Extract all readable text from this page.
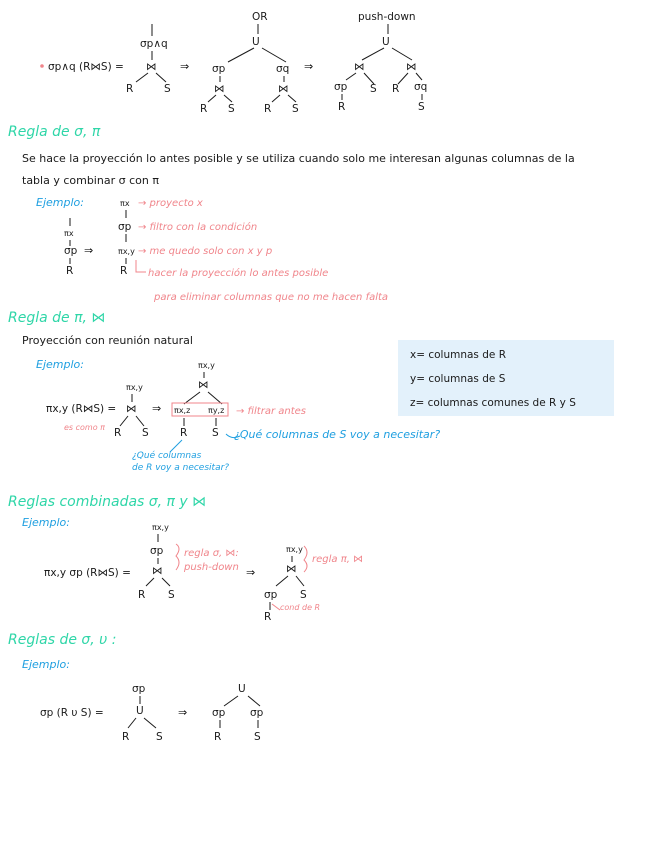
σp∧q (R⋈S) =
σp∧q
⋈
R	S
⇒
OR
U
σp	σq
⋈	⋈
R S	R S
⇒
push-down
U
⋈	⋈
σp S R σq
R	S
Regla de σ, π
Se hace la proyección lo antes posible y se utiliza cuando solo me interesan algunas columnas de la
tabla y combinar σ con π
Ejemplo:
πx
σp ⇒
R
πx
σp
πx,y
R
→ proyecto x
→ filtro con la condición
→ me quedo solo con x y p
hacer la proyección lo antes posible
para eliminar columnas que no me hacen falta
Regla de π, ⋈
Proyección con reunión natural
Ejemplo:
x= columnas de R
y= columnas de S
z= columnas comunes de R y S
πx,y (R⋈S) =
es como π
πx,y
⋈
R S
⇒
πx,y
⋈
πx,z πy,z
R S
→ filtrar antes
¿Qué columnas de S voy a necesitar?
¿Qué columnas
de R voy a necesitar?
Reglas combinadas σ, π y ⋈
Ejemplo:
πx,y σp (R⋈S) =
πx,y
σp
⋈
R S
regla σ, ⋈:
push-down ⇒
πx,y
⋈
σp S
R
regla π, ⋈
cond de R
Reglas de σ, υ :
Ejemplo:
σp (R υ S) =
σp
U
R	S
⇒
U
σp σp
R	S
